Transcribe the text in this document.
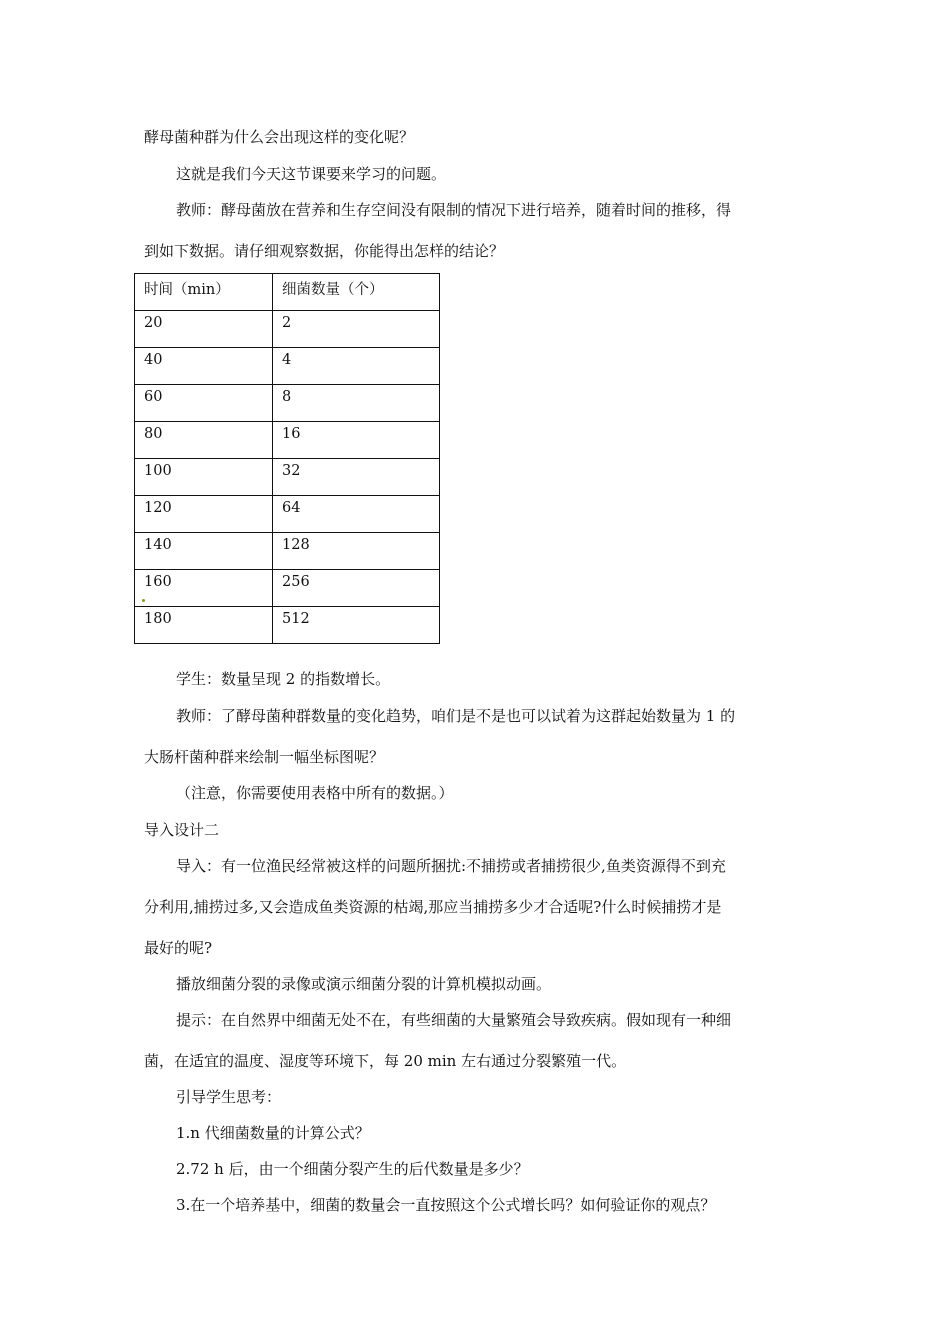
酵母菌种群为什么会出现这样的变化呢？
这就是我们今天这节课要来学习的问题。
教师：酵母菌放在营养和生存空间没有限制的情况下进行培养，随着时间的推移，得
到如下数据。请仔细观察数据，你能得出怎样的结论？
时间（min）	细菌数量（个）
20	2
40	4
60	8
80	16
100	32
120	64
140	128
160	256
180	512
学生：数量呈现 2 的指数增长。
教师：了酵母菌种群数量的变化趋势，咱们是不是也可以试着为这群起始数量为 1 的
大肠杆菌种群来绘制一幅坐标图呢？
（注意，你需要使用表格中所有的数据。）
导入设计二
导入：有一位渔民经常被这样的问题所捆扰:不捕捞或者捕捞很少,鱼类资源得不到充
分利用,捕捞过多,又会造成鱼类资源的枯竭,那应当捕捞多少才合适呢?什么时候捕捞才是
最好的呢?
播放细菌分裂的录像或演示细菌分裂的计算机模拟动画。
提示：在自然界中细菌无处不在，有些细菌的大量繁殖会导致疾病。假如现有一种细
菌，在适宜的温度、湿度等环境下，每 20 min 左右通过分裂繁殖一代。
引导学生思考：
1.n 代细菌数量的计算公式？
2.72 h 后，由一个细菌分裂产生的后代数量是多少？
3.在一个培养基中，细菌的数量会一直按照这个公式增长吗？如何验证你的观点？
